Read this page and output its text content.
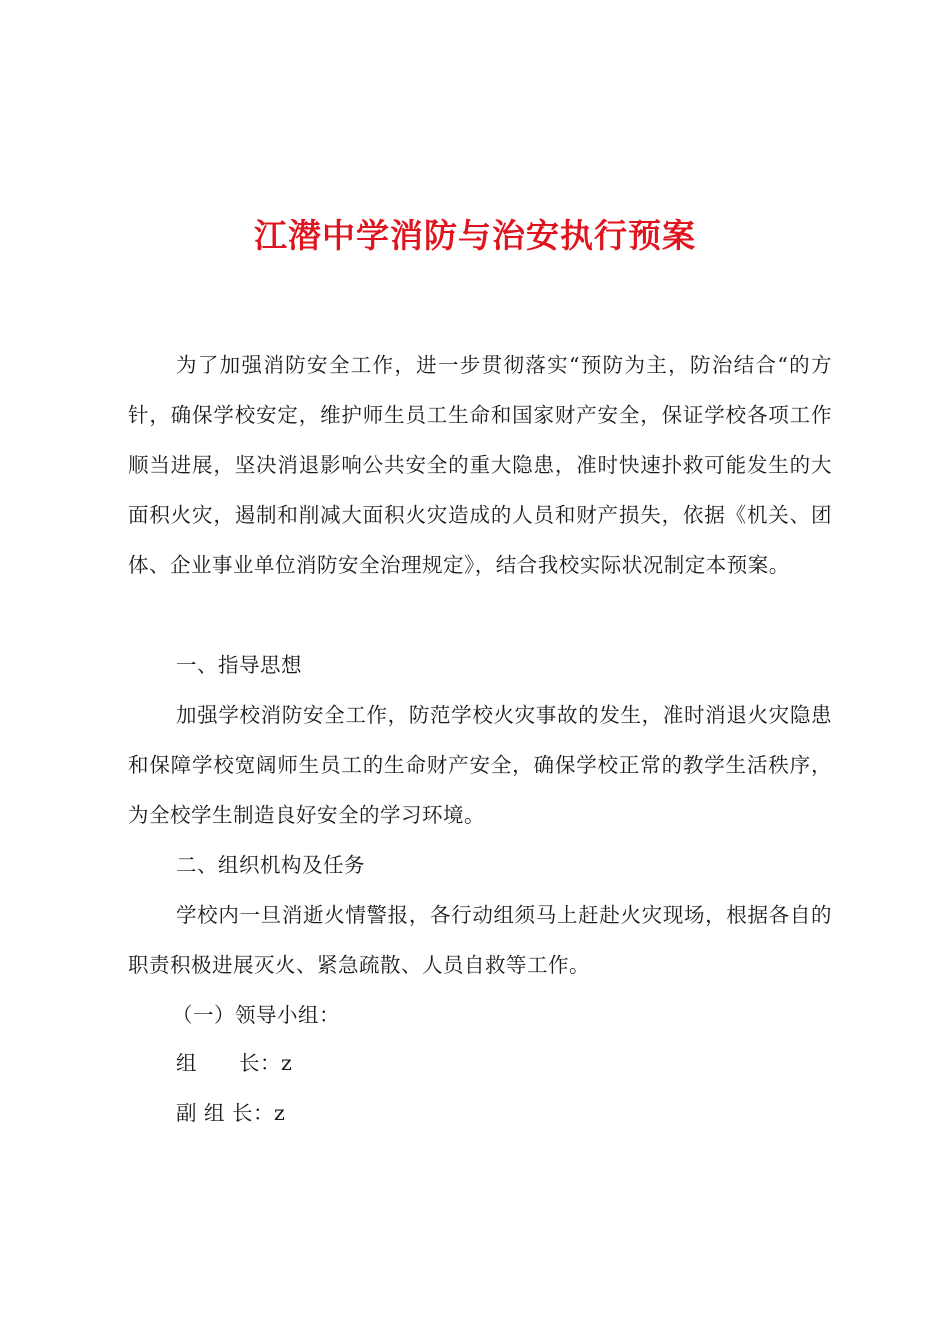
江潜中学消防与治安执行预案
为了加强消防安全工作，进一步贯彻落实“预防为主，防治结合“的方针，确保学校安定，维护师生员工生命和国家财产安全，保证学校各项工作顺当进展，坚决消退影响公共安全的重大隐患，准时快速扑救可能发生的大面积火灾，遏制和削减大面积火灾造成的人员和财产损失，依据《机关、团体、企业事业单位消防安全治理规定》，结合我校实际状况制定本预案。
一、指导思想
加强学校消防安全工作，防范学校火灾事故的发生，准时消退火灾隐患和保障学校宽阔师生员工的生命财产安全，确保学校正常的教学生活秩序，为全校学生制造良好安全的学习环境。
二、组织机构及任务
学校内一旦消逝火情警报，各行动组须马上赶赴火灾现场，根据各自的职责积极进展灭火、紧急疏散、人员自救等工作。
（一）领导小组：
组　　长：z
副 组 长：z
